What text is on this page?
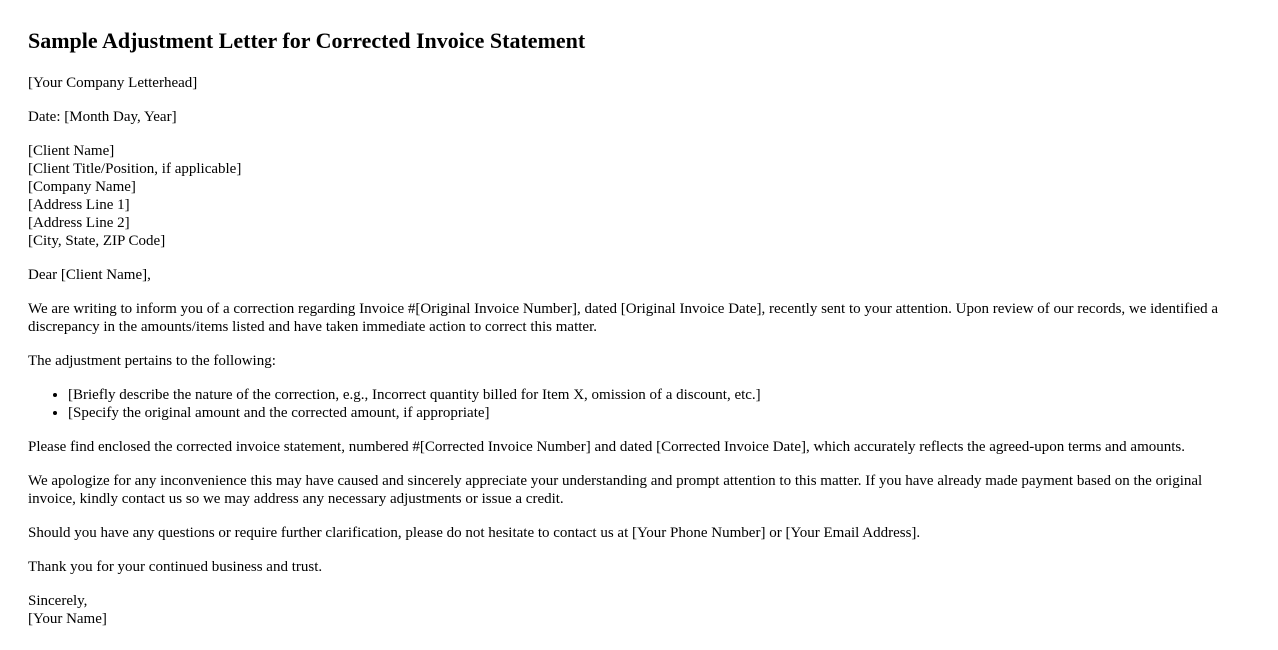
Sample Adjustment Letter for Corrected Invoice Statement

[Your Company Letterhead]

Date: [Month Day, Year]

[Client Name]
[Client Title/Position, if applicable]
[Company Name]
[Address Line 1]
[Address Line 2]
[City, State, ZIP Code]

Dear [Client Name],

We are writing to inform you of a correction regarding Invoice #[Original Invoice Number], dated [Original Invoice Date], recently sent to your attention. Upon review of our records, we identified a discrepancy in the amounts/items listed and have taken immediate action to correct this matter.

The adjustment pertains to the following:

• [Briefly describe the nature of the correction, e.g., Incorrect quantity billed for Item X, omission of a discount, etc.]
• [Specify the original amount and the corrected amount, if appropriate]

Please find enclosed the corrected invoice statement, numbered #[Corrected Invoice Number] and dated [Corrected Invoice Date], which accurately reflects the agreed-upon terms and amounts.

We apologize for any inconvenience this may have caused and sincerely appreciate your understanding and prompt attention to this matter. If you have already made payment based on the original invoice, kindly contact us so we may address any necessary adjustments or issue a credit.

Should you have any questions or require further clarification, please do not hesitate to contact us at [Your Phone Number] or [Your Email Address].

Thank you for your continued business and trust.

Sincerely,
[Your Name]
